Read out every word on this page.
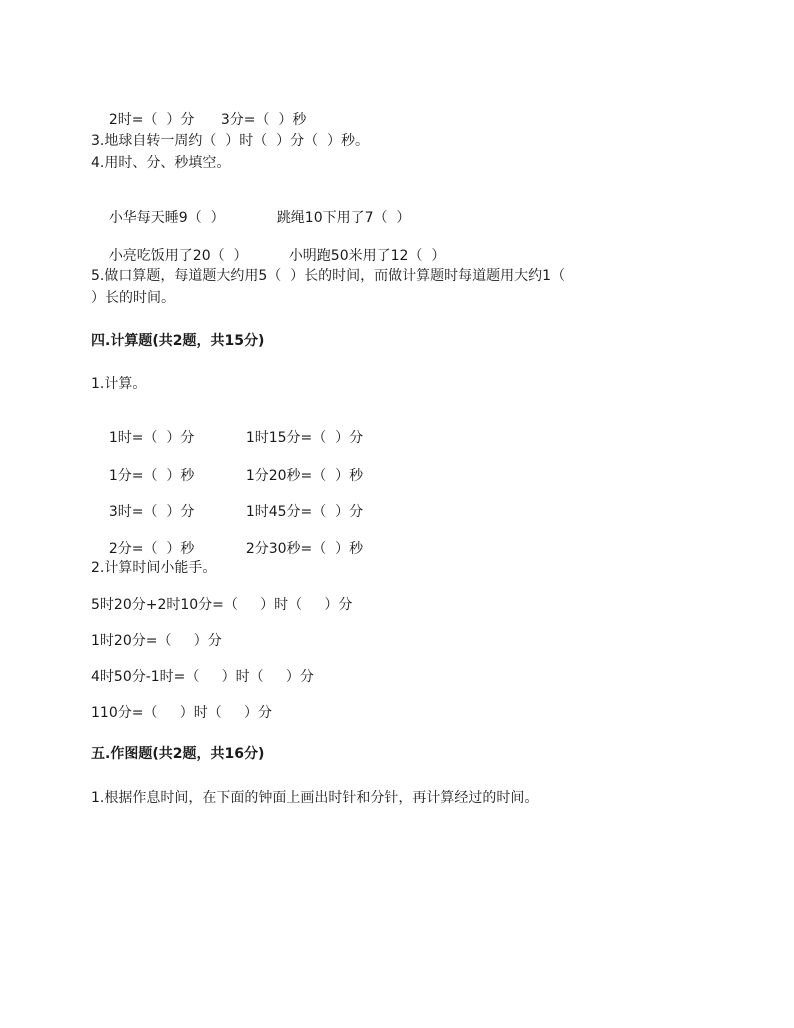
2时=（  ）分 3分=（  ）秒

3.地球自转一周约（  ）时（  ）分（  ）秒。
4.用时、分、秒填空。

小华每天睡9（  ）	跳绳10下用了7（  ）

小亮吃饭用了20（  ）	小明跑50米用了12（  ）

5.做口算题，每道题大约用5（  ）长的时间，而做计算题时每道题用大约1（
）长的时间。
四.计算题(共2题，共15分)
1.计算。

1时=（  ）分	1时15分=（  ）分

1分=（  ）秒	1分20秒=（  ）秒

3时=（  ）分	1时45分=（  ）分

2分=（  ）秒	2分30秒=（  ）秒

2.计算时间小能手。
5时20分+2时10分=（     ）时（     ）分
1时20分=（     ）分
4时50分-1时=（     ）时（     ）分
110分=（     ）时（     ）分
五.作图题(共2题，共16分)
1.根据作息时间，在下面的钟面上画出时针和分针，再计算经过的时间。
